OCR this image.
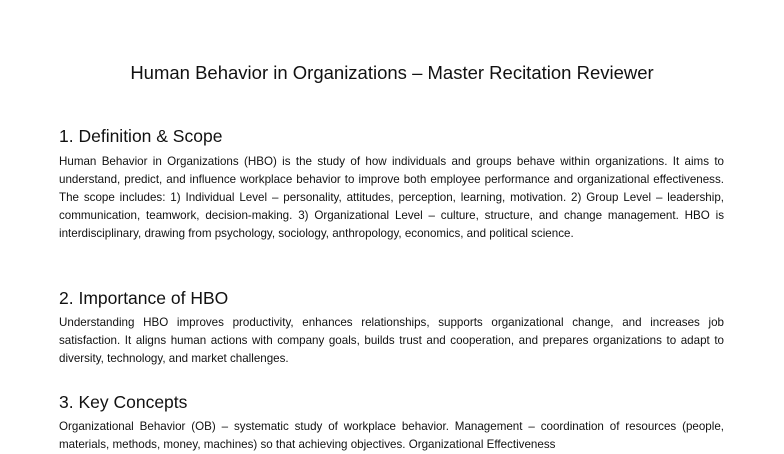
Human Behavior in Organizations – Master Recitation Reviewer
1. Definition & Scope

Human Behavior in Organizations (HBO) is the study of how individuals and groups behave within organizations. It aims to understand, predict, and influence workplace behavior to improve both employee performance and organizational effectiveness. The scope includes: 1) Individual Level – personality, attitudes, perception, learning, motivation. 2) Group Level – leadership, communication, teamwork, decision-making. 3) Organizational Level – culture, structure, and change management. HBO is interdisciplinary, drawing from psychology, sociology, anthropology, economics, and political science.

2. Importance of HBO

Understanding HBO improves productivity, enhances relationships, supports organizational change, and increases job satisfaction. It aligns human actions with company goals, builds trust and cooperation, and prepares organizations to adapt to diversity, technology, and market challenges.

3. Key Concepts

Organizational Behavior (OB) – systematic study of workplace behavior. Management – coordination of resources (people, materials, methods, money, machines) so that achieving objectives. Organizational Effectiveness
